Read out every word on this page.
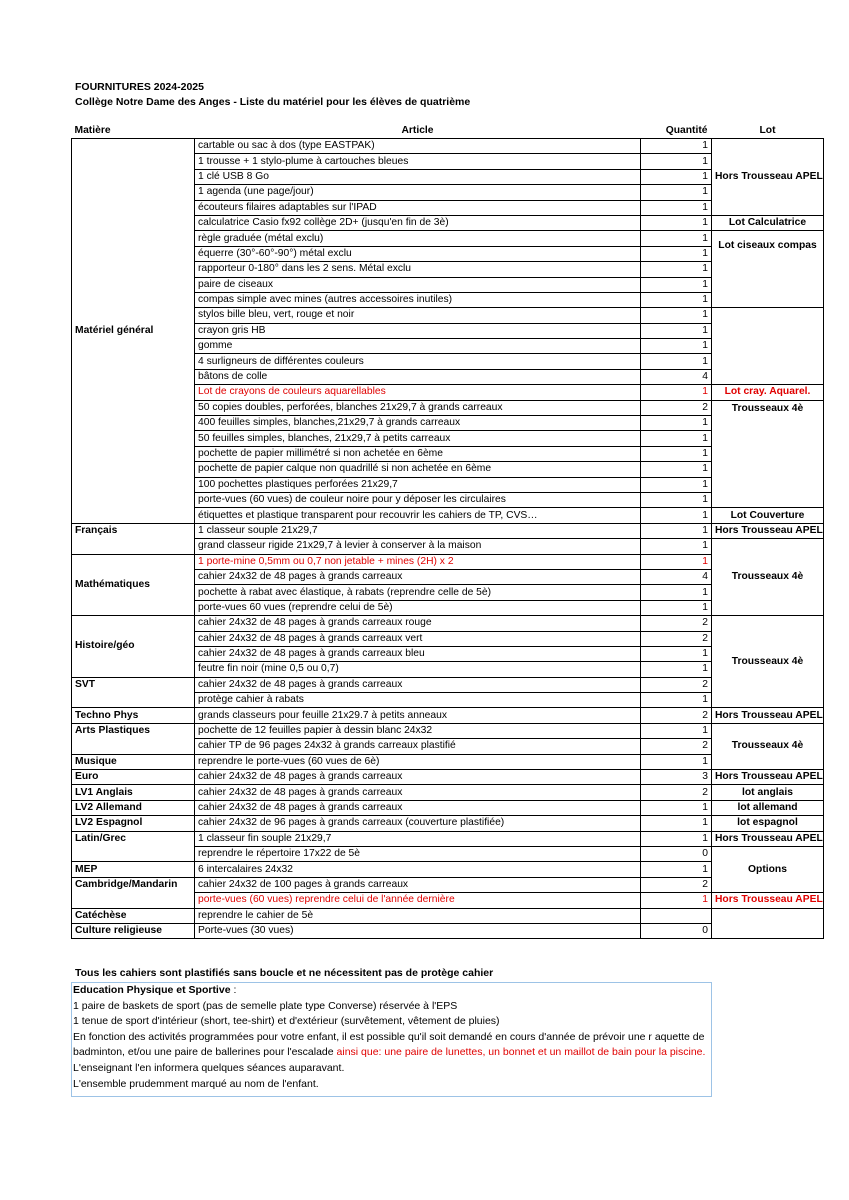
FOURNITURES 2024-2025
Collège Notre Dame des Anges - Liste du matériel pour les élèves de quatrième
Matière	Article	Quantité	Lot
Matériel général	cartable ou sac à dos (type EASTPAK)	1	Hors Trousseau APEL
	1 trousse + 1 stylo-plume à cartouches bleues	1	
	1 clé USB 8 Go	1	
	1 agenda (une page/jour)	1	
	écouteurs filaires adaptables sur l'IPAD	1	
	calculatrice Casio fx92 collège 2D+ (jusqu'en fin de 3è)	1	Lot Calculatrice
	règle graduée (métal exclu)	1	Lot ciseaux compas
	équerre (30°-60°-90°) métal exclu	1	
	rapporteur 0-180° dans les 2 sens. Métal exclu	1	
	paire de ciseaux	1	
	compas simple avec mines (autres accessoires inutiles)	1	
	stylos bille bleu, vert, rouge et noir	1	
	crayon gris HB	1	
	gomme	1	
	4 surligneurs de différentes couleurs	1	
	bâtons de colle	4	
	Lot de crayons de couleurs aquarellables	1	Lot cray. Aquarel.
	50 copies doubles, perforées, blanches 21x29,7 à grands carreaux	2	Trousseaux 4è
	400 feuilles simples, blanches,21x29,7 à grands carreaux	1	
	50 feuilles simples, blanches, 21x29,7 à petits carreaux	1	
	pochette de papier millimétré si non achetée en 6ème	1	
	pochette de papier calque non quadrillé si non achetée en 6ème	1	
	100 pochettes plastiques perforées 21x29,7	1	
	porte-vues (60 vues) de couleur noire pour y déposer les circulaires	1	
	étiquettes et plastique transparent pour recouvrir les cahiers de TP, CVS…	1	Lot Couverture
Français	1 classeur souple 21x29,7	1	Hors Trousseau APEL
	grand classeur rigide 21x29,7 à levier à conserver à la maison	1	Trousseaux 4è
Mathématiques	1 porte-mine 0,5mm ou 0,7 non jetable + mines (2H) x 2	1	
	cahier 24x32 de 48 pages à grands carreaux	4	
	pochette à rabat avec élastique, à rabats (reprendre celle de 5è)	1	
	porte-vues 60 vues (reprendre celui de 5è)	1	
Histoire/géo	cahier 24x32 de 48 pages à grands carreaux rouge	2	Trousseaux 4è
	cahier 24x32 de 48 pages à grands carreaux vert	2	
	cahier 24x32 de 48 pages à grands carreaux bleu	1	
	feutre fin noir (mine 0,5 ou 0,7)	1	
SVT	cahier 24x32 de 48 pages à grands carreaux	2	
	protège cahier à rabats	1	
Techno Phys	grands classeurs pour feuille 21x29.7 à petits anneaux	2	Hors Trousseau APEL
Arts Plastiques	pochette de 12 feuilles papier à dessin blanc 24x32	1	Trousseaux 4è
	cahier TP de 96 pages 24x32 à grands carreaux plastifié	2	
Musique	reprendre le porte-vues (60 vues de 6è)	1	
Euro	cahier 24x32 de 48 pages à grands carreaux	3	Hors Trousseau APEL
LV1 Anglais	cahier 24x32 de 48 pages à grands carreaux	2	lot anglais
LV2 Allemand	cahier 24x32 de 48 pages à grands carreaux	1	lot allemand
LV2 Espagnol	cahier 24x32 de 96 pages à grands carreaux (couverture plastifiée)	1	lot espagnol
Latin/Grec	1 classeur fin souple 21x29,7	1	Hors Trousseau APEL
	reprendre le répertoire 17x22 de 5è	0	Options
MEP	6 intercalaires 24x32	1	
Cambridge/Mandarin	cahier 24x32 de 100 pages à grands carreaux	2	
	porte-vues (60 vues) reprendre celui de l'année dernière	1	Hors Trousseau APEL
Catéchèse	reprendre le cahier de 5è		
Culture religieuse	Porte-vues (30 vues)	0	
Tous les cahiers sont plastifiés sans boucle et ne nécessitent pas de protège cahier
Education Physique et Sportive :
1 paire de baskets de sport (pas de semelle plate type Converse) réservée à l'EPS
1 tenue de sport d'intérieur (short, tee-shirt) et d'extérieur (survêtement, vêtement de pluies)
En fonction des activités programmées pour votre enfant, il est possible qu'il soit demandé en cours d'année de prévoir une r aquette de
badminton, et/ou une paire de ballerines pour l'escalade ainsi que: une paire de lunettes, un bonnet et un maillot de bain pour la piscine.
L'enseignant l'en informera quelques séances auparavant.
L'ensemble prudemment marqué au nom de l'enfant.
